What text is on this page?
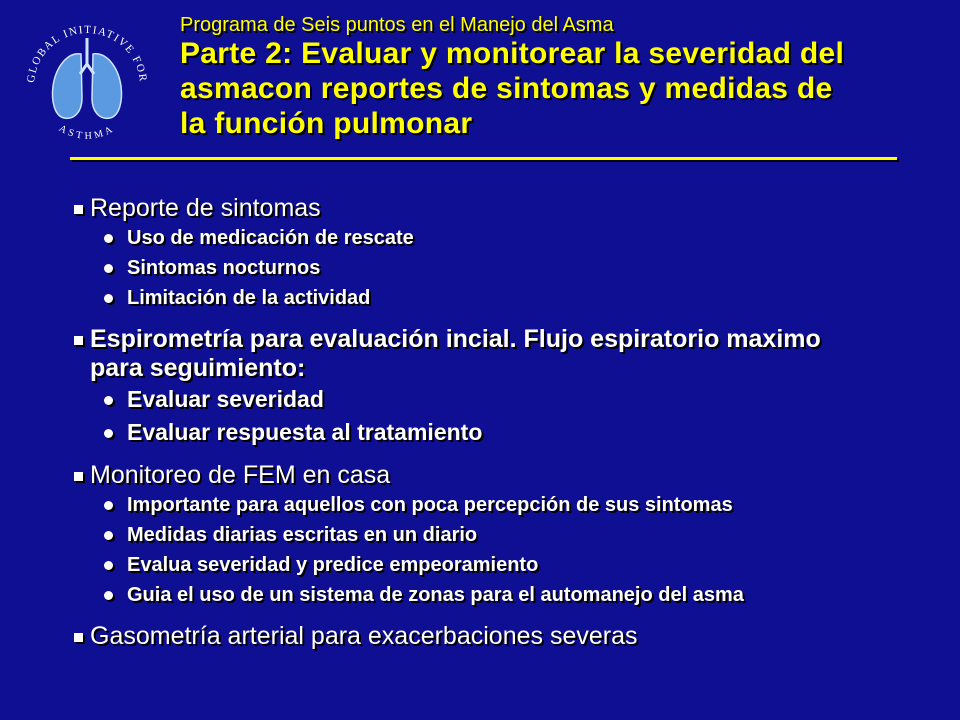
GLOBAL INITIATIVE FOR
ASTHMA
Programa de Seis puntos en el Manejo del Asma
Parte 2: Evaluar y monitorear la severidad del
asmacon reportes de sintomas y medidas de
la función pulmonar
Reporte de sintomas
Uso de medicación de rescate
Sintomas nocturnos
Limitación de la actividad
Espirometría para evaluación incial. Flujo espiratorio maximo
para seguimiento:
Evaluar severidad
Evaluar respuesta al tratamiento
Monitoreo de FEM en casa
Importante para aquellos con poca percepción de sus sintomas
Medidas diarias escritas en un diario
Evalua severidad y predice empeoramiento
Guia el uso de un sistema de zonas para el automanejo del asma
Gasometría arterial para exacerbaciones severas
